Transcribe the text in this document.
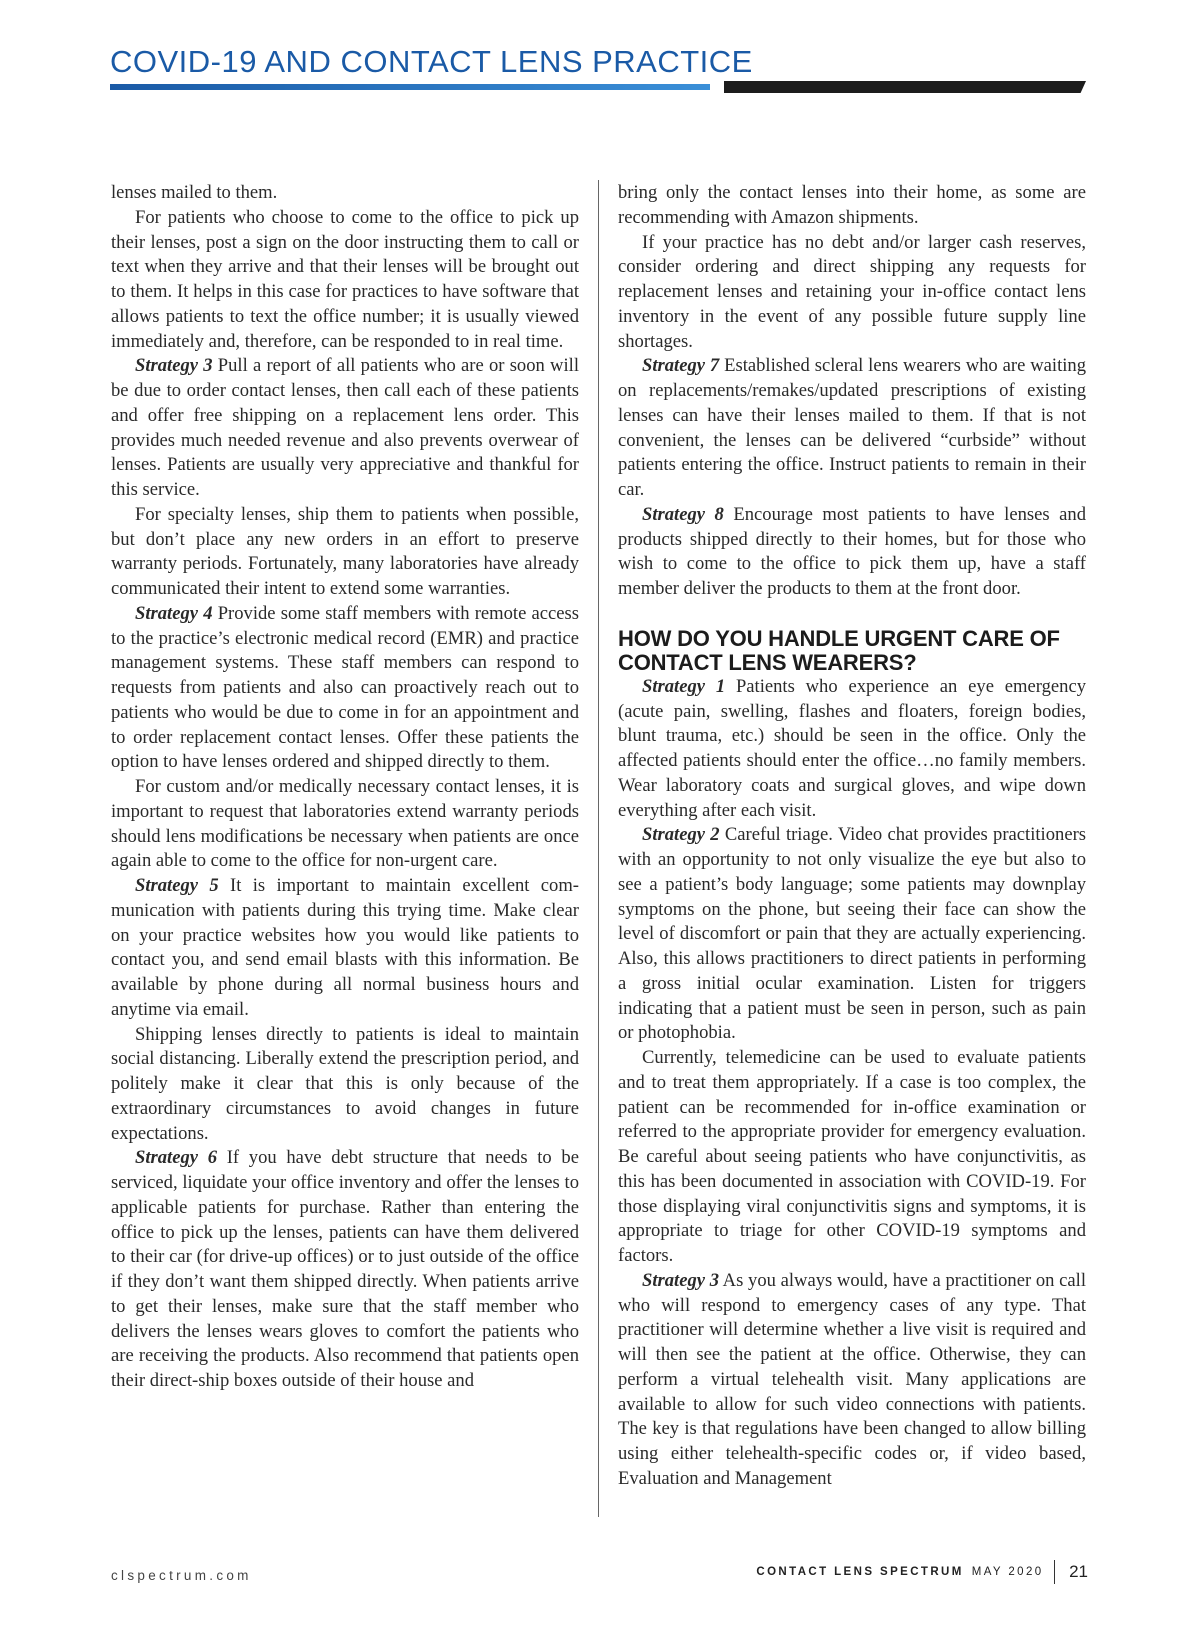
COVID-19 AND CONTACT LENS PRACTICE

lenses mailed to them.

For patients who choose to come to the office to pick up their lenses, post a sign on the door instructing them to call or text when they arrive and that their lenses will be brought out to them. It helps in this case for practices to have software that allows patients to text the office number; it is usually viewed immediately and, therefore, can be responded to in real time.

Strategy 3 Pull a report of all patients who are or soon will be due to order contact lenses, then call each of these patients and offer free shipping on a replacement lens order. This provides much needed revenue and also prevents overwear of lenses. Patients are usually very appreciative and thankful for this service.

For specialty lenses, ship them to patients when possible, but don’t place any new orders in an effort to preserve warranty periods. Fortunately, many laboratories have already communicated their intent to extend some warranties.

Strategy 4 Provide some staff members with remote access to the practice’s electronic medical record (EMR) and practice management systems. These staff members can respond to requests from patients and also can proactively reach out to patients who would be due to come in for an appointment and to order replacement contact lenses. Offer these patients the option to have lenses ordered and shipped directly to them.

For custom and/or medically necessary contact lenses, it is important to request that laboratories extend warranty periods should lens modifications be necessary when patients are once again able to come to the office for non-urgent care.

Strategy 5 It is important to maintain excellent communication with patients during this trying time. Make clear on your practice websites how you would like patients to contact you, and send email blasts with this information. Be available by phone during all normal business hours and anytime via email.

Shipping lenses directly to patients is ideal to maintain social distancing. Liberally extend the prescription period, and politely make it clear that this is only because of the extraordinary circumstances to avoid changes in future expectations.

Strategy 6 If you have debt structure that needs to be serviced, liquidate your office inventory and offer the lenses to applicable patients for purchase. Rather than entering the office to pick up the lenses, patients can have them delivered to their car (for drive-up offices) or to just outside of the office if they don’t want them shipped directly. When patients arrive to get their lenses, make sure that the staff member who delivers the lenses wears gloves to comfort the patients who are receiving the products. Also recommend that patients open their direct-ship boxes outside of their house and

bring only the contact lenses into their home, as some are recommending with Amazon shipments.

If your practice has no debt and/or larger cash reserves, consider ordering and direct shipping any requests for replacement lenses and retaining your in-office contact lens inventory in the event of any possible future supply line shortages.

Strategy 7 Established scleral lens wearers who are waiting on replacements/remakes/updated prescriptions of existing lenses can have their lenses mailed to them. If that is not convenient, the lenses can be delivered “curbside” without patients entering the office. Instruct patients to remain in their car.

Strategy 8 Encourage most patients to have lenses and products shipped directly to their homes, but for those who wish to come to the office to pick them up, have a staff member deliver the products to them at the front door.

HOW DO YOU HANDLE URGENT CARE OF CONTACT LENS WEARERS?

Strategy 1 Patients who experience an eye emergency (acute pain, swelling, flashes and floaters, foreign bodies, blunt trauma, etc.) should be seen in the office. Only the affected patients should enter the office…no family members. Wear laboratory coats and surgical gloves, and wipe down everything after each visit.

Strategy 2 Careful triage. Video chat provides practitioners with an opportunity to not only visualize the eye but also to see a patient’s body language; some patients may downplay symptoms on the phone, but seeing their face can show the level of discomfort or pain that they are actually experiencing. Also, this allows practitioners to direct patients in performing a gross initial ocular examination. Listen for triggers indicating that a patient must be seen in person, such as pain or photophobia.

Currently, telemedicine can be used to evaluate patients and to treat them appropriately. If a case is too complex, the patient can be recommended for in-office examination or referred to the appropriate provider for emergency evaluation. Be careful about seeing patients who have conjunctivitis, as this has been documented in association with COVID-19. For those displaying viral conjunctivitis signs and symptoms, it is appropriate to triage for other COVID-19 symptoms and factors.

Strategy 3 As you always would, have a practitioner on call who will respond to emergency cases of any type. That practitioner will determine whether a live visit is required and will then see the patient at the office. Otherwise, they can perform a virtual telehealth visit. Many applications are available to allow for such video connections with patients. The key is that regulations have been changed to allow billing using either telehealth-specific codes or, if video based, Evaluation and Management

clspectrum.com	CONTACT LENS SPECTRUM MAY 2020 21
